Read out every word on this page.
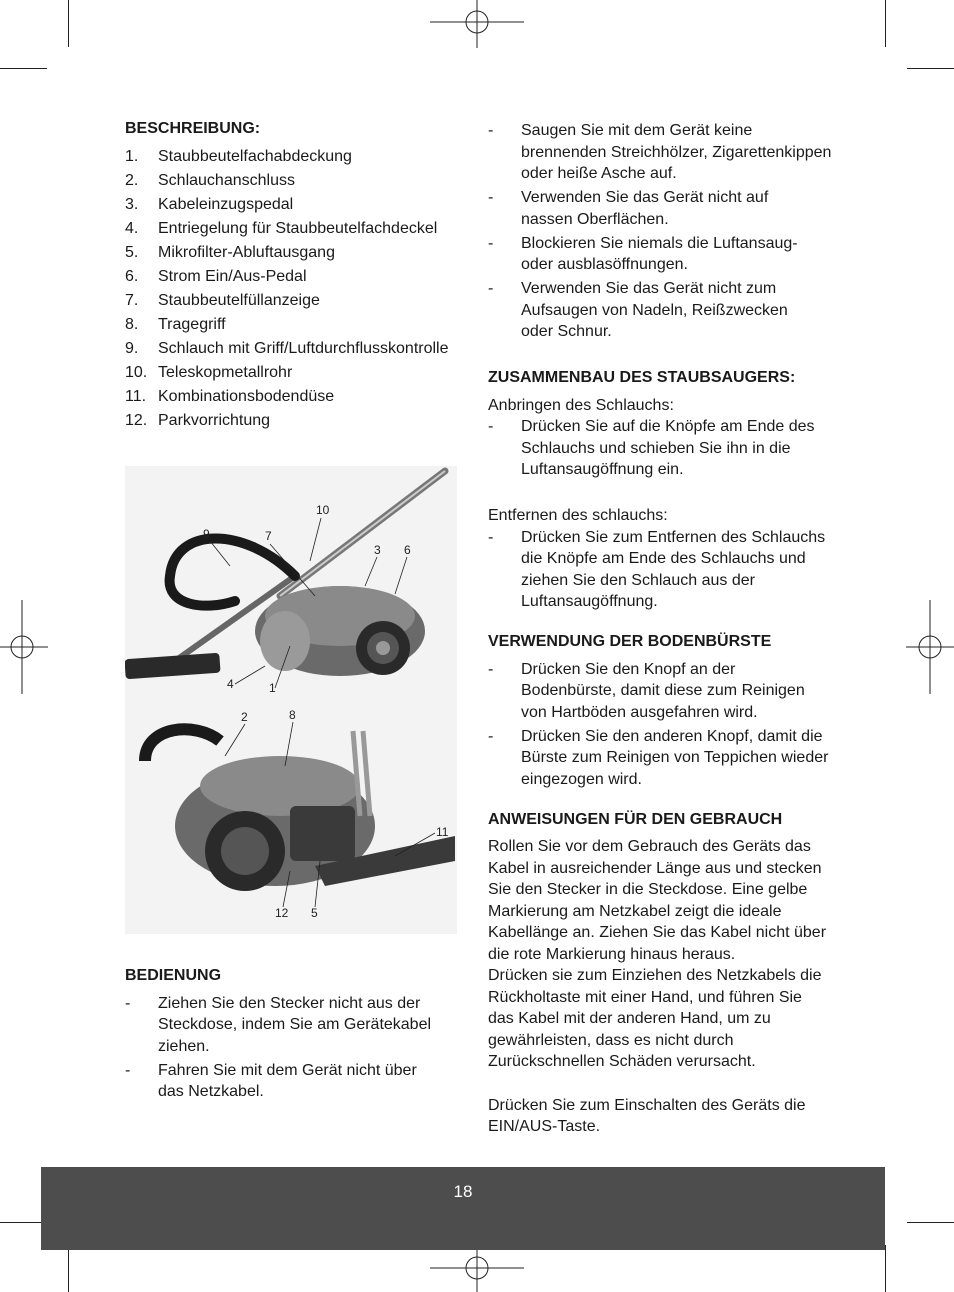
BESCHREIBUNG:
1.	Staubbeutelfachabdeckung
2.	Schlauchanschluss
3.	Kabeleinzugspedal
4.	Entriegelung für Staubbeutelfachdeckel
5.	Mikrofilter-Abluftausgang
6.	Strom Ein/Aus-Pedal
7.	Staubbeutelfüllanzeige
8.	Tragegriff
9.	Schlauch mit Griff/Luftdurchflusskontrolle
10. Teleskopmetallrohr
11. Kombinationsbodendüse
12. Parkvorrichtung
10
9	7
3 6
4	1
2	8
11
12 5
BEDIENUNG
-	Ziehen Sie den Stecker nicht aus der Steckdose, indem Sie am Gerätekabel ziehen.
-	Fahren Sie mit dem Gerät nicht über das Netzkabel.
-	Saugen Sie mit dem Gerät keine brennenden Streichhölzer, Zigarettenkippen oder heiße Asche auf.
-	Verwenden Sie das Gerät nicht auf nassen Oberflächen.
-	Blockieren Sie niemals die Luftansaug- oder ausblasöffnungen.
-	Verwenden Sie das Gerät nicht zum Aufsaugen von Nadeln, Reißzwecken oder Schnur.
ZUSAMMENBAU DES STAUBSAUGERS:

Anbringen des Schlauchs:

-	Drücken Sie auf die Knöpfe am Ende des Schlauchs und schieben Sie ihn in die Luftansaugöffnung ein.

Entfernen des schlauchs:

-	Drücken Sie zum Entfernen des Schlauchs die Knöpfe am Ende des Schlauchs und ziehen Sie den Schlauch aus der Luftansaugöffnung.
VERWENDUNG DER BODENBÜRSTE
-	Drücken Sie den Knopf an der Bodenbürste, damit diese zum Reinigen von Hartböden ausgefahren wird.
-	Drücken Sie den anderen Knopf, damit die Bürste zum Reinigen von Teppichen wieder eingezogen wird.
ANWEISUNGEN FÜR DEN GEBRAUCH

Rollen Sie vor dem Gebrauch des Geräts das Kabel in ausreichender Länge aus und stecken Sie den Stecker in die Steckdose. Eine gelbe Markierung am Netzkabel zeigt die ideale Kabellänge an. Ziehen Sie das Kabel nicht über die rote Markierung hinaus heraus.

Drücken sie zum Einziehen des Netzkabels die Rückholtaste mit einer Hand, und führen Sie das Kabel mit der anderen Hand, um zu gewährleisten, dass es nicht durch Zurückschnellen Schäden verursacht.

Drücken Sie zum Einschalten des Geräts die EIN/AUS-Taste.

18
